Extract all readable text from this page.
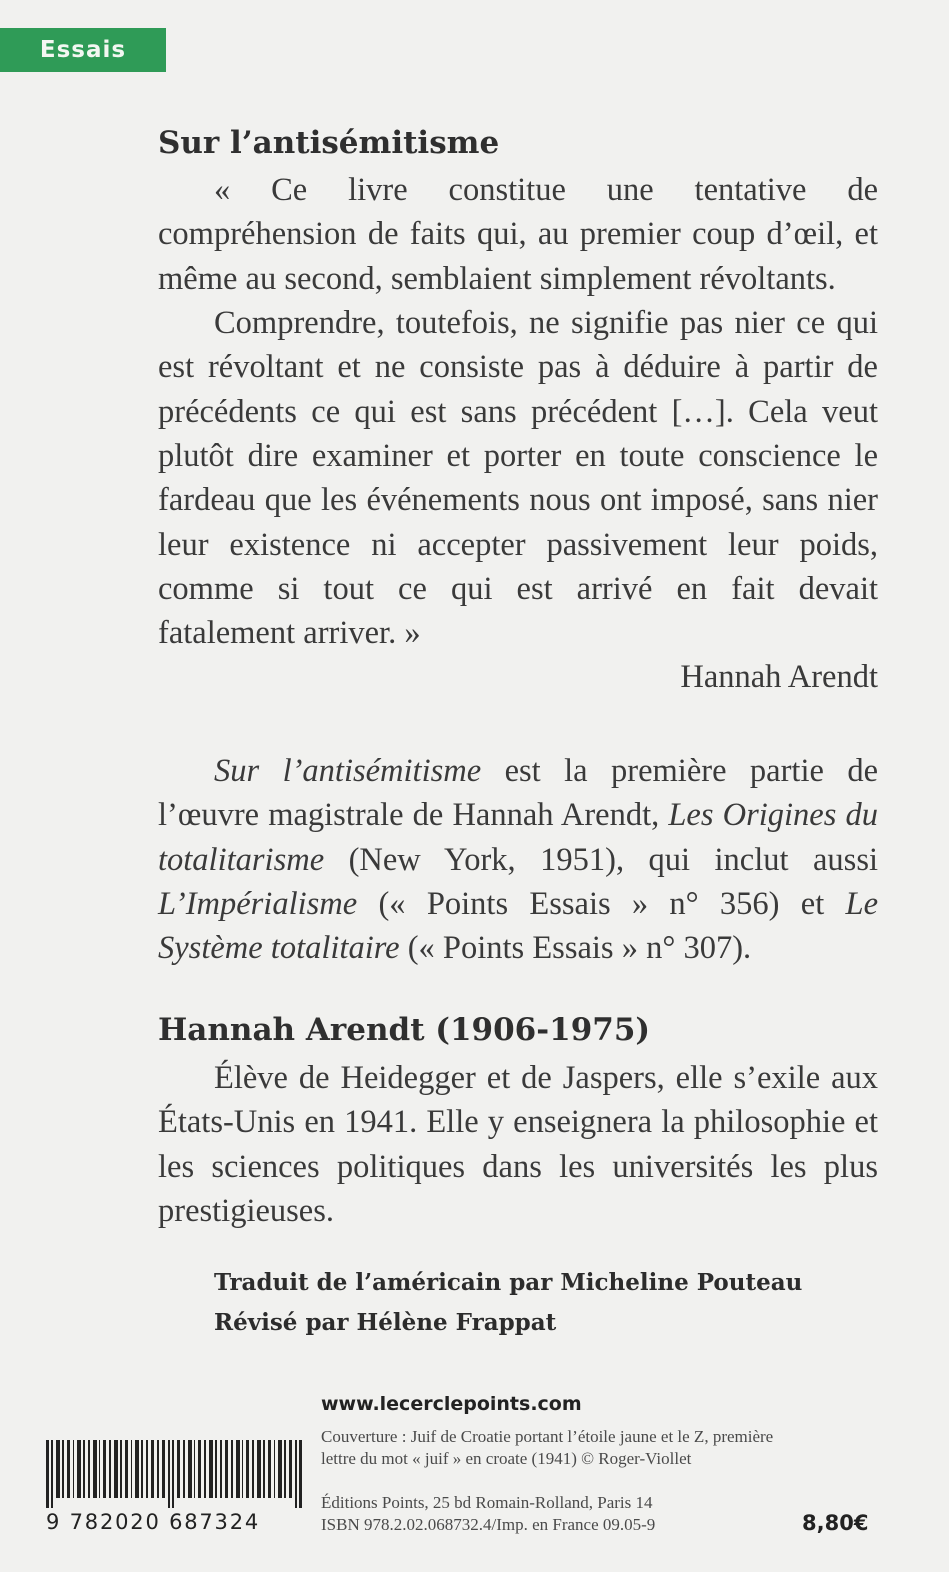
Essais
Sur l’antisémitisme

« Ce livre constitue une tentative de compréhension de faits qui, au premier coup d’œil, et même au second, semblaient simplement révoltants.

Comprendre, toutefois, ne signifie pas nier ce qui est révoltant et ne consiste pas à déduire à partir de précédents ce qui est sans précédent […]. Cela veut plutôt dire examiner et porter en toute conscience le fardeau que les événements nous ont imposé, sans nier leur existence ni accepter passivement leur poids, comme si tout ce qui est arrivé en fait devait fatalement arriver. »

Hannah Arendt

Sur l’antisémitisme est la première partie de l’œuvre magistrale de Hannah Arendt, Les Origines du totalitarisme (New York, 1951), qui inclut aussi L’Impérialisme (« Points Essais » n° 356) et Le Système totalitaire (« Points Essais » n° 307).

Hannah Arendt (1906-1975)

Élève de Heidegger et de Jaspers, elle s’exile aux États-Unis en 1941. Elle y enseignera la philosophie et les sciences politiques dans les universités les plus prestigieuses.

Traduit de l’américain par Micheline Pouteau

Révisé par Hélène Frappat

www.lecerclepoints.com
Couverture : Juif de Croatie portant l’étoile jaune et le Z, première lettre du mot « juif » en croate (1941) © Roger-Viollet
Éditions Points, 25 bd Romain-Rolland, Paris 14
ISBN 978.2.02.068732.4/Imp. en France 09.05-9
9 782020 687324	8,80€
